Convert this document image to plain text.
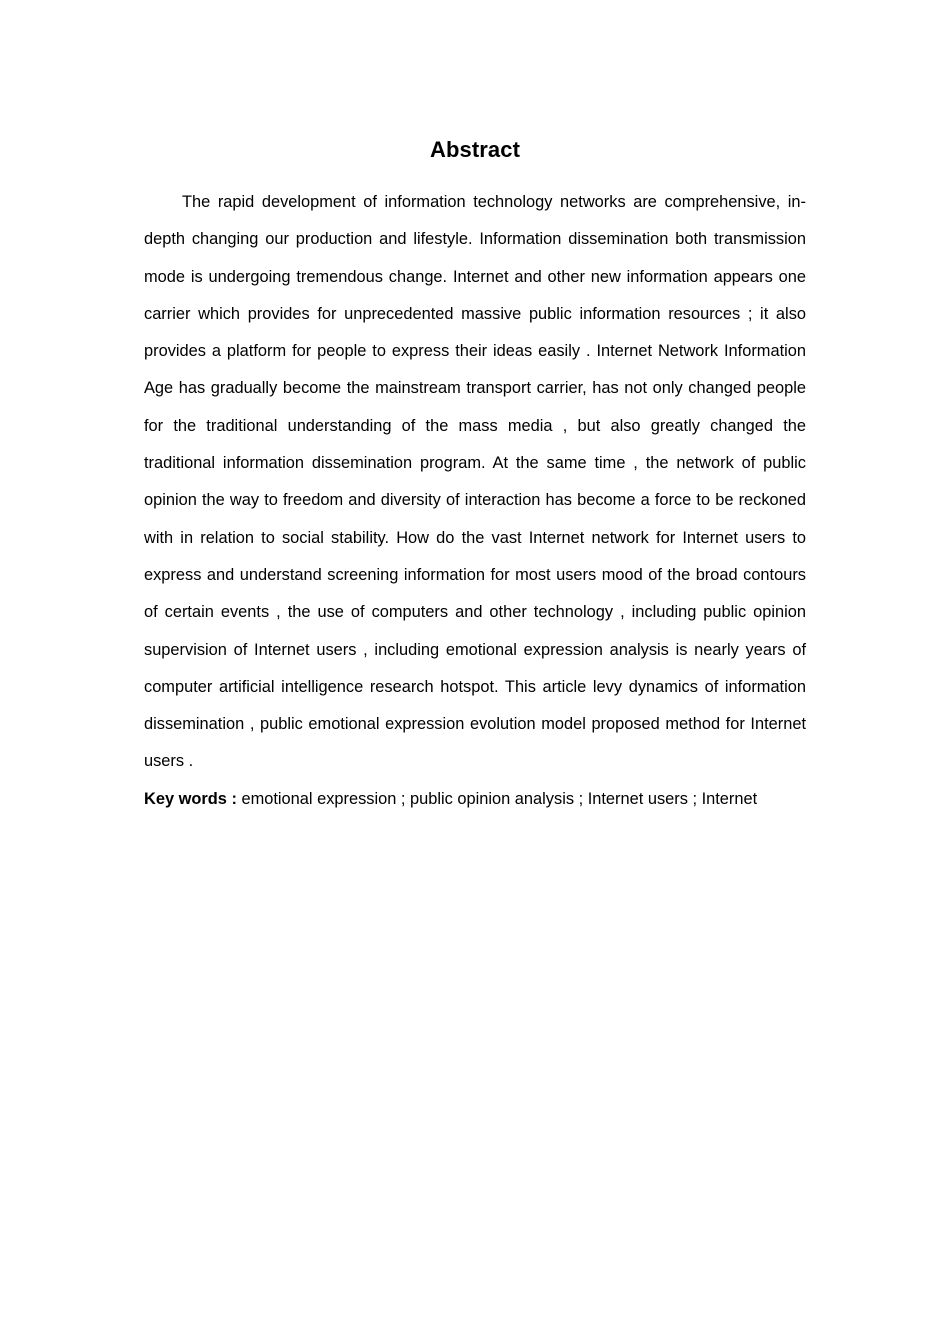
Abstract

The rapid development of information technology networks are comprehensive, in-depth changing our production and lifestyle. Information dissemination both transmission mode is undergoing tremendous change. Internet and other new information appears one carrier which provides for unprecedented massive public information resources ; it also provides a platform for people to express their ideas easily . Internet Network Information Age has gradually become the mainstream transport carrier, has not only changed people for the traditional understanding of the mass media , but also greatly changed the traditional information dissemination program. At the same time , the network of public opinion the way to freedom and diversity of interaction has become a force to be reckoned with in relation to social stability. How do the vast Internet network for Internet users to express and understand screening information for most users mood of the broad contours of certain events , the use of computers and other technology , including public opinion supervision of Internet users , including emotional expression analysis is nearly years of computer artificial intelligence research hotspot. This article levy dynamics of information dissemination , public emotional expression evolution model proposed method for Internet users .

Key words : emotional expression ; public opinion analysis ; Internet users ; Internet
